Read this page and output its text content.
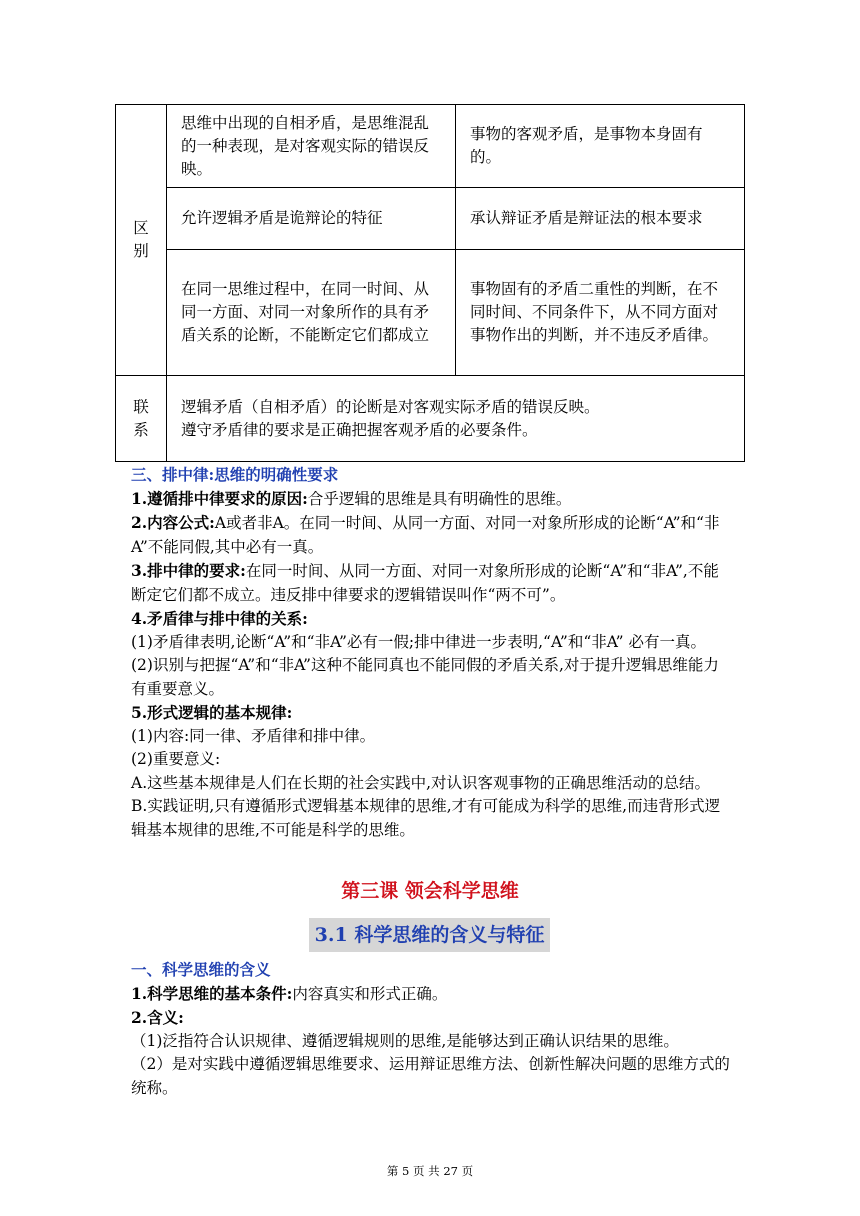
区别	思维中出现的自相矛盾，是思维混乱的一种表现，是对客观实际的错误反映。	事物的客观矛盾，是事物本身固有的。
	允许逻辑矛盾是诡辩论的特征	承认辩证矛盾是辩证法的根本要求
	在同一思维过程中，在同一时间、从同一方面、对同一对象所作的具有矛盾关系的论断，不能断定它们都成立	事物固有的矛盾二重性的判断，在不同时间、不同条件下，从不同方面对事物作出的判断，并不违反矛盾律。

联系	逻辑矛盾（自相矛盾）的论断是对客观实际矛盾的错误反映。
遵守矛盾律的要求是正确把握客观矛盾的必要条件。	

三、排中律:思维的明确性要求

1.遵循排中律要求的原因:合乎逻辑的思维是具有明确性的思维。

2.内容公式:A或者非A。在同一时间、从同一方面、对同一对象所形成的论断“A”和“非A”不能同假,其中必有一真。

3.排中律的要求:在同一时间、从同一方面、对同一对象所形成的论断“A”和“非A”,不能断定它们都不成立。违反排中律要求的逻辑错误叫作“两不可”。

4.矛盾律与排中律的关系:

(1)矛盾律表明,论断“A”和“非A”必有一假;排中律进一步表明,“A”和“非A” 必有一真。

(2)识别与把握“A”和“非A”这种不能同真也不能同假的矛盾关系,对于提升逻辑思维能力有重要意义。

5.形式逻辑的基本规律:

(1)内容:同一律、矛盾律和排中律。

(2)重要意义:

A.这些基本规律是人们在长期的社会实践中,对认识客观事物的正确思维活动的总结。

B.实践证明,只有遵循形式逻辑基本规律的思维,才有可能成为科学的思维,而违背形式逻辑基本规律的思维,不可能是科学的思维。

第三课 领会科学思维
3.1 科学思维的含义与特征

一、科学思维的含义

1.科学思维的基本条件:内容真实和形式正确。

2.含义:

（1)泛指符合认识规律、遵循逻辑规则的思维,是能够达到正确认识结果的思维。

（2）是对实践中遵循逻辑思维要求、运用辩证思维方法、创新性解决问题的思维方式的统称。

第 5 页 共 27 页
